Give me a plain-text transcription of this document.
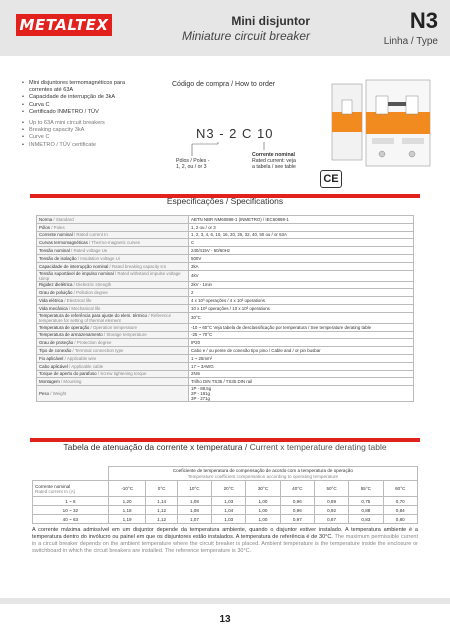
METALTEX	Mini disjuntor
Miniature circuit breaker
N3
Linha / Type
• Mini disjuntores termomagnéticos para
correntes até 63A
• Capacidade de interrupção de 3kA
• Curva C
• Certificado INMETRO / TÜV
• Up to 63A mini circuit breakers
• Breaking capacity 3kA
• Curve C
• INMETRO / TÜV certificate
Código de compra / How to order
N3 - 2 C 10
Pólos / Poles -
1, 2, ou / or 3
Corrente nominal
Rated current: veja
a tabela / see table
CE
Especificações / Specifications
Norma / Standard	ABTN NBR NM60898-1 (INMETRO) / IEC60898-1
Pólos / Poles	1, 2 ou / or 3
Corrente nominal / Rated current In	1, 2, 3, 4, 6, 10, 16, 20, 25, 32, 40, 50 ou / or 63A
Curvas termomagnéticas / Thermo-magnetic curves	C
Tensão nominal / Rated voltage Ue	240/415V - 50/60Hz
Tensão de isolação / Insulation voltage Ui	500V
Capacidade de interrupção nominal / Rated breaking capacity Icn	3kA
Tensão suportável de impulso nominal / Rated withstand impulse voltage Uimp	4kV
Rigidez dielétrica / Dielectric strength	2kV - 1min
Grau de poluição / Pollution degree	2
Vida elétrica / Electrical life	4 x 10³ operações / 4 x 10³ operations
Vida mecânica / Mechanical life	10 x 10³ operações / 10 x 10³ operations
Temperatura de referência para ajuste do elem. térmico / Reference temperature for setting of thermal element	30°C
Temperatura de operação / Operation temperature	-10 ~ 60°C Veja tabela de desclassificação por temperatura / See temperature derating table
Temperatura de armazenamento / Storage temperature	-25 ~ 70°C
Grau de proteção / Protection degree	IP20
Tipo de conexão / Terminal connection type	Cabo e / ou pente de conexão tipo pino / Cable and / or pin busbar
Fio aplicável / Applicable wire	1 ~ 25mm²
Cabo aplicável / Applicable cable	17 ~ 3AWG
Torque de aperto do parafuso / Screw tightening torque	2Nm
Montagem / Mounting	Trilho DIN TS35 / TS35 DIN rail
Peso / Weight	1P - 88,5g
2P - 181g
3P - 271g
Tabela de atenuação da corrente x temperatura / Current x temperature derating table

	Coeficiente de temperatura de compensação de acordo com a temperatura de operação
Temperature coefficient compensation according to operating temperature								

Corrente nominal
Rated current In (A)	-10°C	0°C	10°C	20°C	30°C	40°C	50°C	55°C	60°C
1 ~ 6	1,20	1,14	1,08	1,03	1,00	0,96	0,89	0,75	0,70
10 ~ 32	1,18	1,12	1,08	1,04	1,00	0,96	0,92	0,88	0,84
40 ~ 63	1,19	1,12	1,07	1,03	1,00	0,97	0,87	0,83	0,80
A corrente máxima admissível em um disjuntor depende da temperatura ambiente, quando o disjuntor estiver instalado. A temperatura ambiente é a temperatura dentro do invólucro ou painel em que os disjuntores estão instalados. A temperatura de referência é de 30°C. The maximum permissible current in a circuit breaker depends on the ambient temperature where the circuit breaker is placed. Ambient temperature is the temperature inside the enclosure or switchboard in which the circuit breakers are installed. The reference temperature is 30°C.
13
